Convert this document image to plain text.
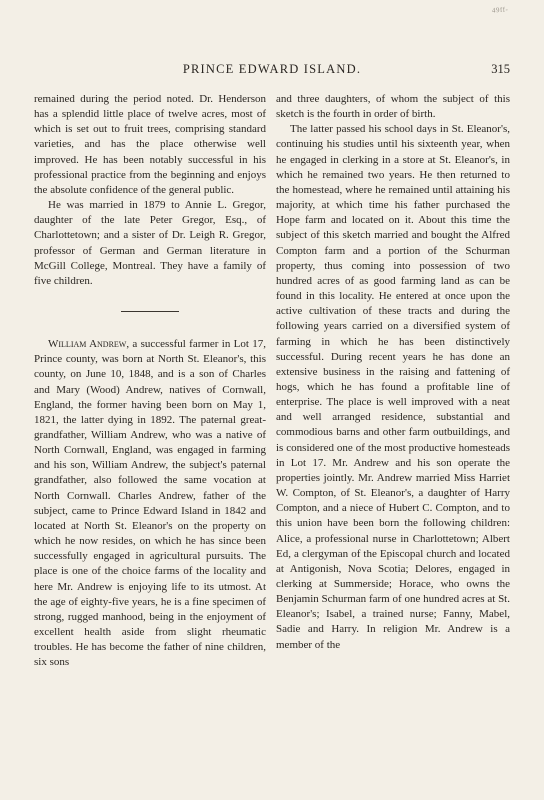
49ff-
PRINCE EDWARD ISLAND.	315

remained during the period noted. Dr. Henderson has a splendid little place of twelve acres, most of which is set out to fruit trees, comprising standard varieties, and has the place otherwise well improved. He has been notably successful in his professional practice from the beginning and enjoys the absolute confidence of the general public.

He was married in 1879 to Annie L. Gregor, daughter of the late Peter Gregor, Esq., of Charlottetown; and a sister of Dr. Leigh R. Gregor, professor of German and German literature in McGill College, Montreal. They have a family of five children.

William Andrew, a successful farmer in Lot 17, Prince county, was born at North St. Eleanor's, this county, on June 10, 1848, and is a son of Charles and Mary (Wood) Andrew, natives of Cornwall, England, the former having been born on May 1, 1821, the latter dying in 1892. The paternal great-grandfather, William Andrew, who was a native of North Cornwall, England, was engaged in farming and his son, William Andrew, the subject's paternal grandfather, also followed the same vocation at North Cornwall. Charles Andrew, father of the subject, came to Prince Edward Island in 1842 and located at North St. Eleanor's on the property on which he now resides, on which he has since been successfully engaged in agricultural pursuits. The place is one of the choice farms of the locality and here Mr. Andrew is enjoying life to its utmost. At the age of eighty-five years, he is a fine specimen of strong, rugged manhood, being in the enjoyment of excellent health aside from slight rheumatic troubles. He has become the father of nine children, six sons

and three daughters, of whom the subject of this sketch is the fourth in order of birth.

The latter passed his school days in St. Eleanor's, continuing his studies until his sixteenth year, when he engaged in clerking in a store at St. Eleanor's, in which he remained two years. He then returned to the homestead, where he remained until attaining his majority, at which time his father purchased the Hope farm and located on it. About this time the subject of this sketch married and bought the Alfred Compton farm and a portion of the Schurman property, thus coming into possession of two hundred acres of as good farming land as can be found in this locality. He entered at once upon the active cultivation of these tracts and during the following years carried on a diversified system of farming in which he has been distinctively successful. During recent years he has done an extensive business in the raising and fattening of hogs, which he has found a profitable line of enterprise. The place is well improved with a neat and well arranged residence, substantial and commodious barns and other farm outbuildings, and is considered one of the most productive homesteads in Lot 17. Mr. Andrew and his son operate the properties jointly. Mr. Andrew married Miss Harriet W. Compton, of St. Eleanor's, a daughter of Harry Compton, and a niece of Hubert C. Compton, and to this union have been born the following children: Alice, a professional nurse in Charlottetown; Albert Ed, a clergyman of the Episcopal church and located at Antigonish, Nova Scotia; Delores, engaged in clerking at Summerside; Horace, who owns the Benjamin Schurman farm of one hundred acres at St. Eleanor's; Isabel, a trained nurse; Fanny, Mabel, Sadie and Harry. In religion Mr. Andrew is a member of the
